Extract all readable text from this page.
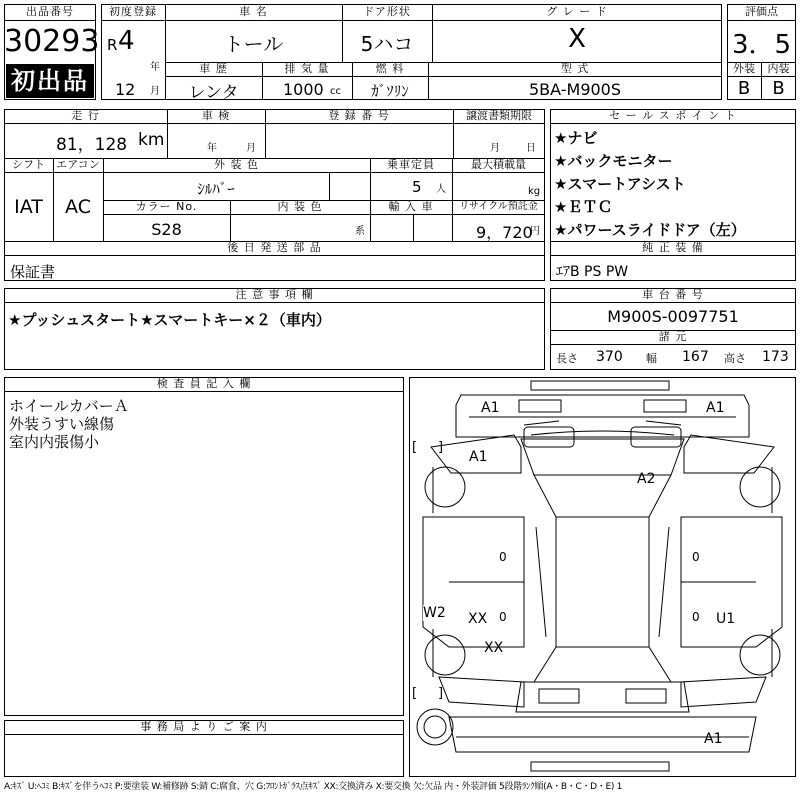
出品番号
30293
初出品
初度登録
R 4
年
12 月
車 名
トール
ドア形状
5ハコ
グ レ ー ド
X
車 歴
レンタ
排 気 量
1000 cc
燃 料
ｶﾞｿﾘﾝ
型 式
5BA-M900S
評価点
3．5
外装	内装
B	B
走 行
81，128 km
車 検
年	月
登 録 番 号	譲渡書類期限
月	日
シフト
IAT
エアコン
AC
外 装 色
ｼﾙﾊﾞｰ
乗車定員
5 人
最大積載量
kg
カラー No.
S28
内 装 色
系
輸 入 車	リサイクル預託金
9，720
円
後 日 発 送 部 品
保証書
セ ー ル ス ポ イ ン ト
★ナビ
★バックモニター
★スマートアシスト
★ＥＴＣ
★パワースライドドア（左）
純 正 装 備
ｴｱB PS PW
注 意 事 項 欄
★プッシュスタート★スマートキー×２（車内）
車 台 番 号
M900S-0097751
諸 元
長さ 370 幅 167 高さ 173
検 査 員 記 入 欄
ホイールカバーＡ
外装うすい線傷
室内内張傷小
事 務 局 よ り ご 案 内
A1	A1
A1
A2
W2 XX
XX
U1
A1
0	0
0	0
[ ]
[ ]
A:ｷｽﾞ U:ﾍｺﾐ B:ｷｽﾞを伴うﾍｺﾐ P:要塗装 W:補修跡 S:錆 C:腐食、穴 G:ﾌﾛﾝﾄｶﾞﾗｽ点ｷｽﾞ XX:交換済み X:要交換 欠:欠品 内・外装評価 5段階ﾗﾝｸ順(A・B・C・D・E) 1
